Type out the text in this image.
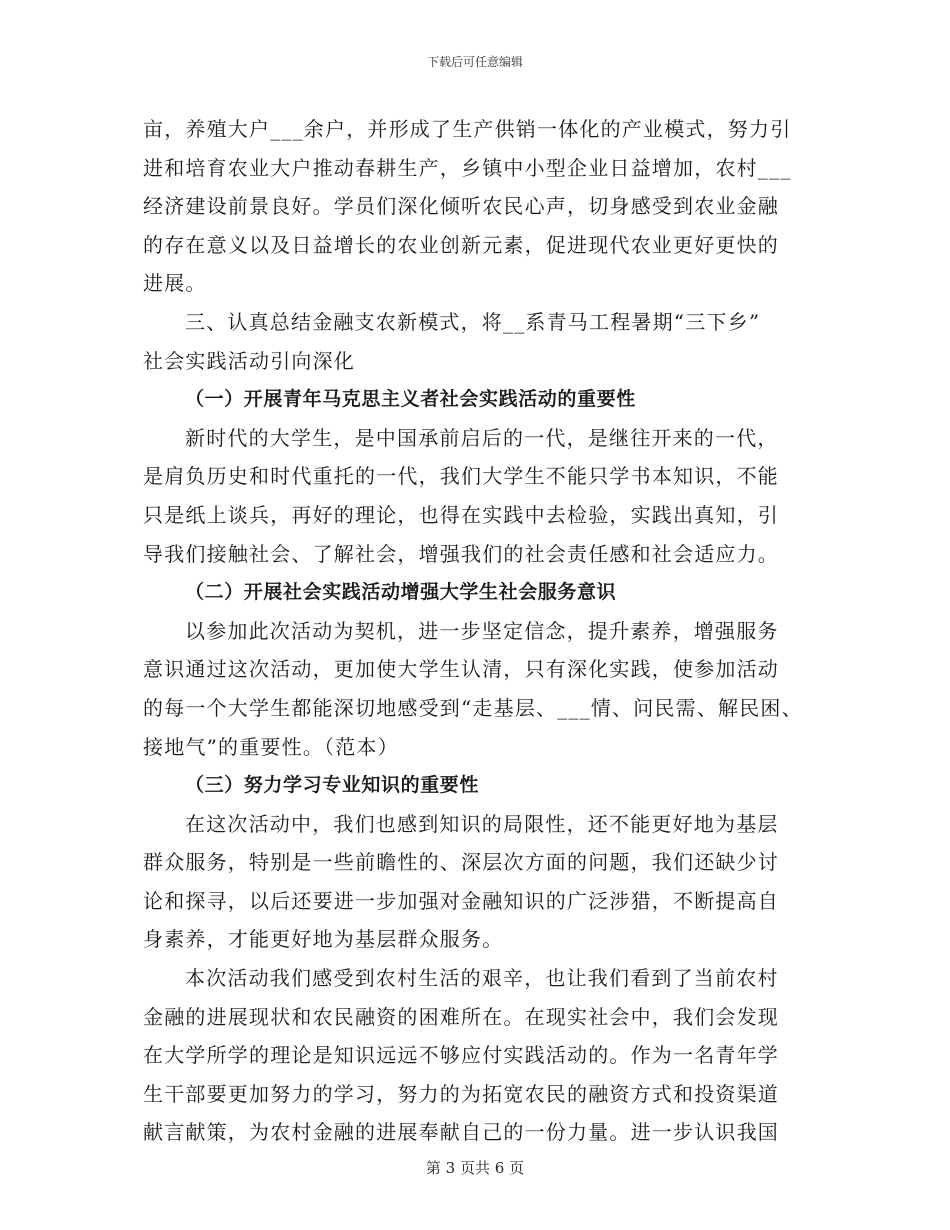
下载后可任意编辑
亩，养殖大户___余户，并形成了生产供销一体化的产业模式，努力引
进和培育农业大户推动春耕生产，乡镇中小型企业日益增加，农村___
经济建设前景良好。学员们深化倾听农民心声，切身感受到农业金融
的存在意义以及日益增长的农业创新元素，促进现代农业更好更快的
进展。
三、认真总结金融支农新模式，将__系青马工程暑期“三下乡”
社会实践活动引向深化
（一）开展青年马克思主义者社会实践活动的重要性
新时代的大学生，是中国承前启后的一代，是继往开来的一代，
是肩负历史和时代重托的一代，我们大学生不能只学书本知识，不能
只是纸上谈兵，再好的理论，也得在实践中去检验，实践出真知，引
导我们接触社会、了解社会，增强我们的社会责任感和社会适应力。
（二）开展社会实践活动增强大学生社会服务意识
以参加此次活动为契机，进一步坚定信念，提升素养，增强服务
意识通过这次活动，更加使大学生认清，只有深化实践，使参加活动
的每一个大学生都能深切地感受到“走基层、___情、问民需、解民困、
接地气”的重要性。（范本）
（三）努力学习专业知识的重要性
在这次活动中，我们也感到知识的局限性，还不能更好地为基层
群众服务，特别是一些前瞻性的、深层次方面的问题，我们还缺少讨
论和探寻，以后还要进一步加强对金融知识的广泛涉猎，不断提高自
身素养，才能更好地为基层群众服务。
本次活动我们感受到农村生活的艰辛，也让我们看到了当前农村
金融的进展现状和农民融资的困难所在。在现实社会中，我们会发现
在大学所学的理论是知识远远不够应付实践活动的。作为一名青年学
生干部要更加努力的学习，努力的为拓宽农民的融资方式和投资渠道
献言献策，为农村金融的进展奉献自己的一份力量。进一步认识我国
第 3 页共 6 页
